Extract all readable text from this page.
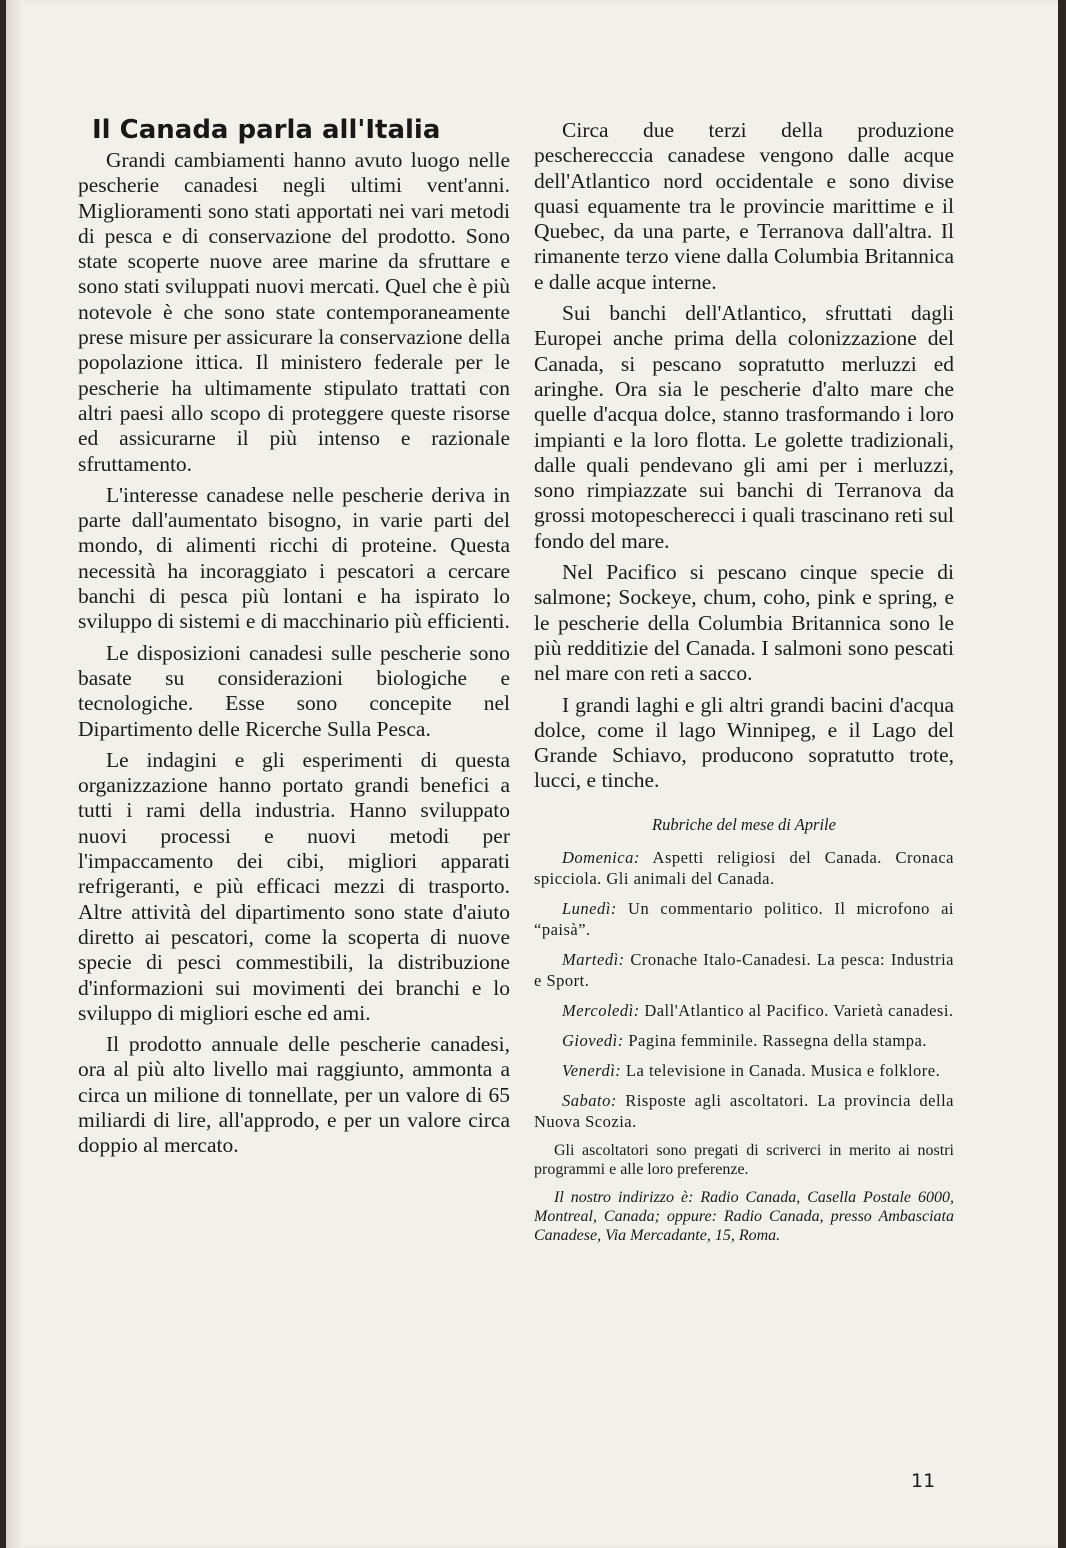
Il Canada parla all'Italia

Grandi cambiamenti hanno avuto luogo nelle pescherie canadesi negli ultimi vent'anni. Miglioramenti sono stati apportati nei vari metodi di pesca e di conservazione del prodotto. Sono state scoperte nuove aree marine da sfruttare e sono stati sviluppati nuovi mercati. Quel che è più notevole è che sono state contemporaneamente prese misure per assicurare la conservazione della popolazione ittica. Il ministero federale per le pescherie ha ultimamente stipulato trattati con altri paesi allo scopo di proteggere queste risorse ed assicurarne il più intenso e razionale sfruttamento.

L'interesse canadese nelle pescherie deriva in parte dall'aumentato bisogno, in varie parti del mondo, di alimenti ricchi di proteine. Questa necessità ha incoraggiato i pescatori a cercare banchi di pesca più lontani e ha ispirato lo sviluppo di sistemi e di macchinario più efficienti.

Le disposizioni canadesi sulle pescherie sono basate su considerazioni biologiche e tecnologiche. Esse sono concepite nel Dipartimento delle Ricerche Sulla Pesca.

Le indagini e gli esperimenti di questa organizzazione hanno portato grandi benefici a tutti i rami della industria. Hanno sviluppato nuovi processi e nuovi metodi per l'impaccamento dei cibi, migliori apparati refrigeranti, e più efficaci mezzi di trasporto. Altre attività del dipartimento sono state d'aiuto diretto ai pescatori, come la scoperta di nuove specie di pesci commestibili, la distribuzione d'informazioni sui movimenti dei branchi e lo sviluppo di migliori esche ed ami.

Il prodotto annuale delle pescherie canadesi, ora al più alto livello mai raggiunto, ammonta a circa un milione di tonnellate, per un valore di 65 miliardi di lire, all'approdo, e per un valore circa doppio al mercato.

Circa due terzi della produzione pescherecccia canadese vengono dalle acque dell'Atlantico nord occidentale e sono divise quasi equamente tra le provincie marittime e il Quebec, da una parte, e Terranova dall'altra. Il rimanente terzo viene dalla Columbia Britannica e dalle acque interne.

Sui banchi dell'Atlantico, sfruttati dagli Europei anche prima della colonizzazione del Canada, si pescano sopratutto merluzzi ed aringhe. Ora sia le pescherie d'alto mare che quelle d'acqua dolce, stanno trasformando i loro impianti e la loro flotta. Le golette tradizionali, dalle quali pendevano gli ami per i merluzzi, sono rimpiazzate sui banchi di Terranova da grossi motopescherecci i quali trascinano reti sul fondo del mare.

Nel Pacifico si pescano cinque specie di salmone; Sockeye, chum, coho, pink e spring, e le pescherie della Columbia Britannica sono le più redditizie del Canada. I salmoni sono pescati nel mare con reti a sacco.

I grandi laghi e gli altri grandi bacini d'acqua dolce, come il lago Winnipeg, e il Lago del Grande Schiavo, producono sopratutto trote, lucci, e tinche.

Rubriche del mese di Aprile
Domenica: Aspetti religiosi del Canada. Cronaca spicciola. Gli animali del Canada.
Lunedì: Un commentario politico. Il microfono ai “paisà”.
Martedì: Cronache Italo-Canadesi. La pesca: Industria e Sport.
Mercoledì: Dall'Atlantico al Pacifico. Varietà canadesi.
Giovedì: Pagina femminile. Rassegna della stampa.
Venerdì: La televisione in Canada. Musica e folklore.
Sabato: Risposte agli ascoltatori. La provincia della Nuova Scozia.

Gli ascoltatori sono pregati di scriverci in merito ai nostri programmi e alle loro preferenze.

Il nostro indirizzo è: Radio Canada, Casella Postale 6000, Montreal, Canada; oppure: Radio Canada, presso Ambasciata Canadese, Via Mercadante, 15, Roma.

11
